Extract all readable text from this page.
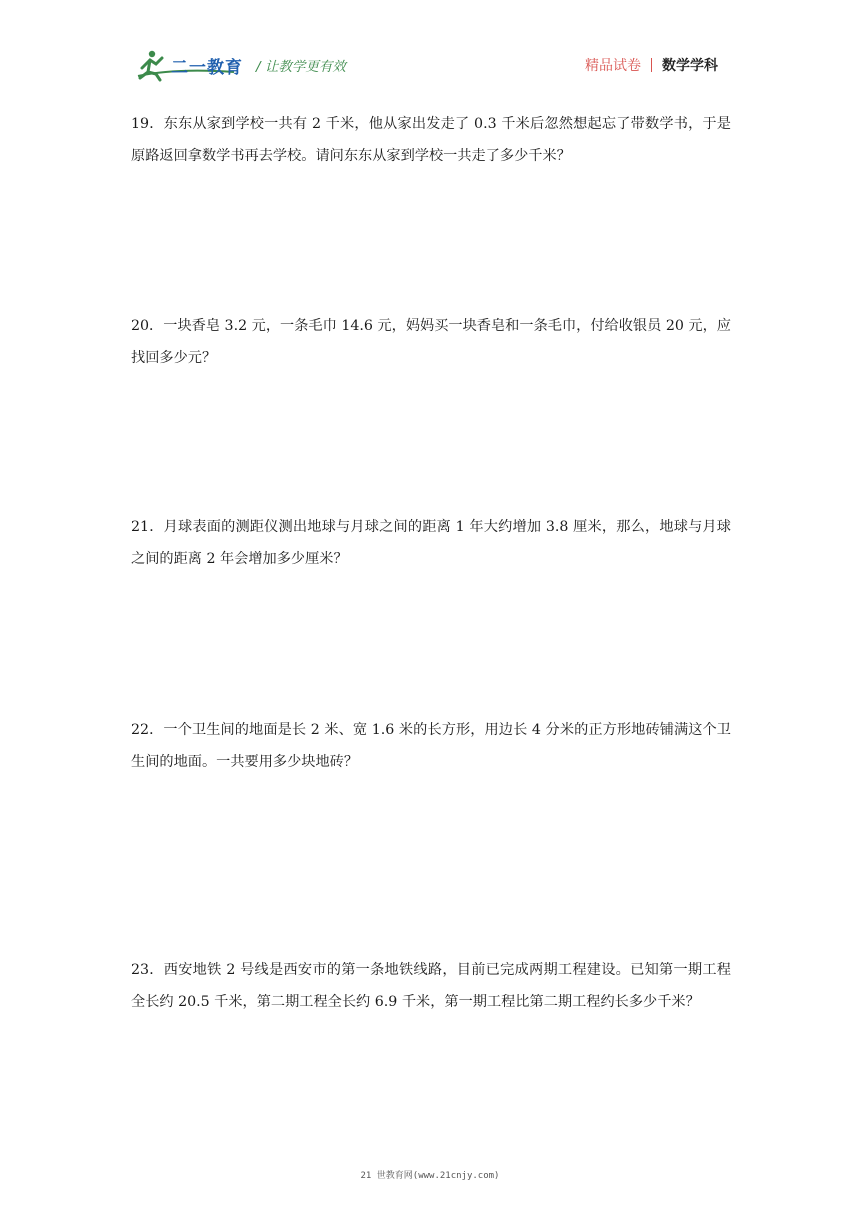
二一教育 / 让教学更有效	精品试卷 数学学科
19．东东从家到学校一共有 2 千米，他从家出发走了 0.3 千米后忽然想起忘了带数学书，于是原路返回拿数学书再去学校。请问东东从家到学校一共走了多少千米？
20．一块香皂 3.2 元，一条毛巾 14.6 元，妈妈买一块香皂和一条毛巾，付给收银员 20 元，应找回多少元？
21．月球表面的测距仪测出地球与月球之间的距离 1 年大约增加 3.8 厘米，那么，地球与月球之间的距离 2 年会增加多少厘米？
22．一个卫生间的地面是长 2 米、宽 1.6 米的长方形，用边长 4 分米的正方形地砖铺满这个卫生间的地面。一共要用多少块地砖？
23．西安地铁 2 号线是西安市的第一条地铁线路，目前已完成两期工程建设。已知第一期工程全长约 20.5 千米，第二期工程全长约 6.9 千米，第一期工程比第二期工程约长多少千米？
21 世教育网(www.21cnjy.com)
